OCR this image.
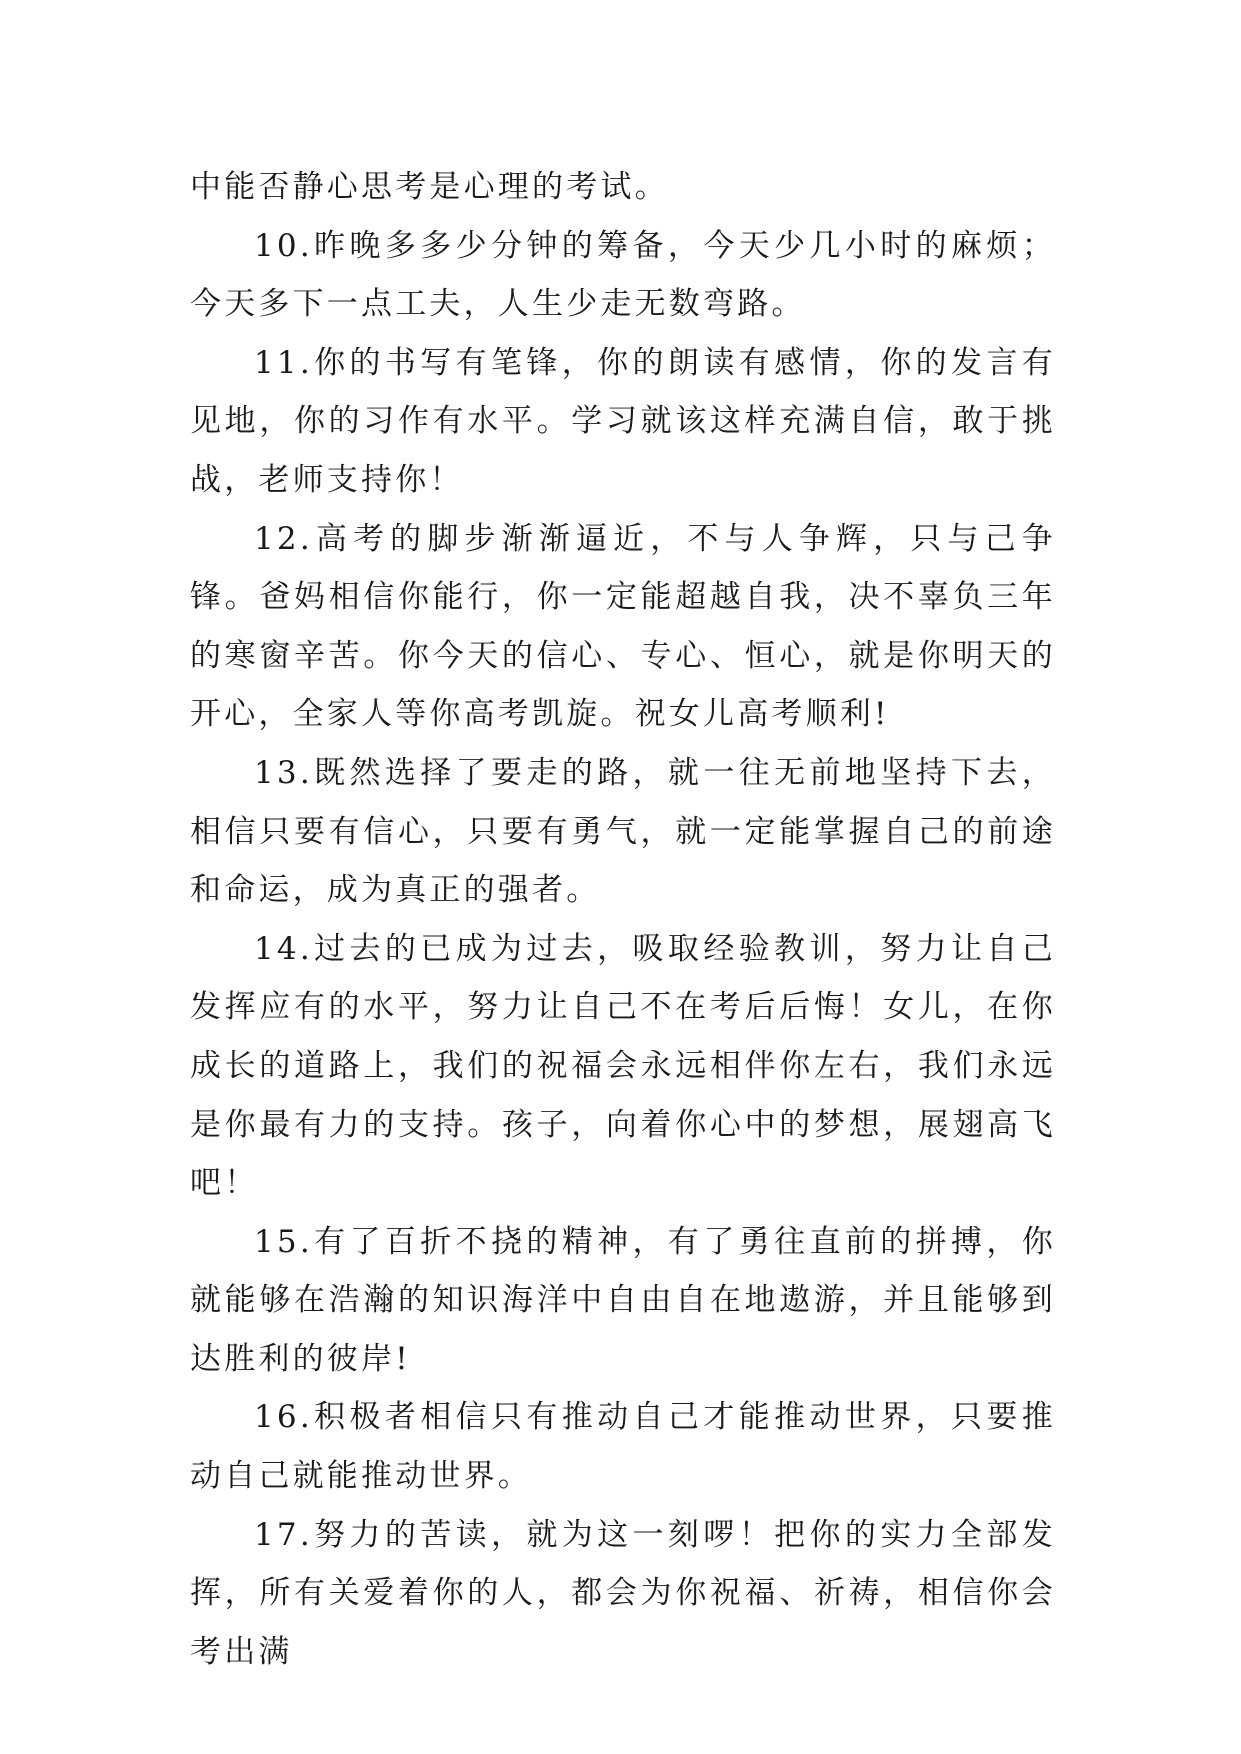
中能否静心思考是心理的考试。

10.昨晚多多少分钟的筹备，今天少几小时的麻烦；今天多下一点工夫，人生少走无数弯路。

11.你的书写有笔锋，你的朗读有感情，你的发言有见地，你的习作有水平。学习就该这样充满自信，敢于挑战，老师支持你！

12.高考的脚步渐渐逼近，不与人争辉，只与己争锋。爸妈相信你能行，你一定能超越自我，决不辜负三年的寒窗辛苦。你今天的信心、专心、恒心，就是你明天的开心，全家人等你高考凯旋。祝女儿高考顺利!

13.既然选择了要走的路，就一往无前地坚持下去，相信只要有信心，只要有勇气，就一定能掌握自己的前途和命运，成为真正的强者。

14.过去的已成为过去，吸取经验教训，努力让自己发挥应有的水平，努力让自己不在考后后悔！女儿，在你成长的道路上，我们的祝福会永远相伴你左右，我们永远是你最有力的支持。孩子，向着你心中的梦想，展翅高飞吧！

15.有了百折不挠的精神，有了勇往直前的拼搏，你就能够在浩瀚的知识海洋中自由自在地遨游，并且能够到达胜利的彼岸!

16.积极者相信只有推动自己才能推动世界，只要推动自己就能推动世界。

17.努力的苦读，就为这一刻啰！把你的实力全部发挥，所有关爱着你的人，都会为你祝福、祈祷，相信你会考出满
